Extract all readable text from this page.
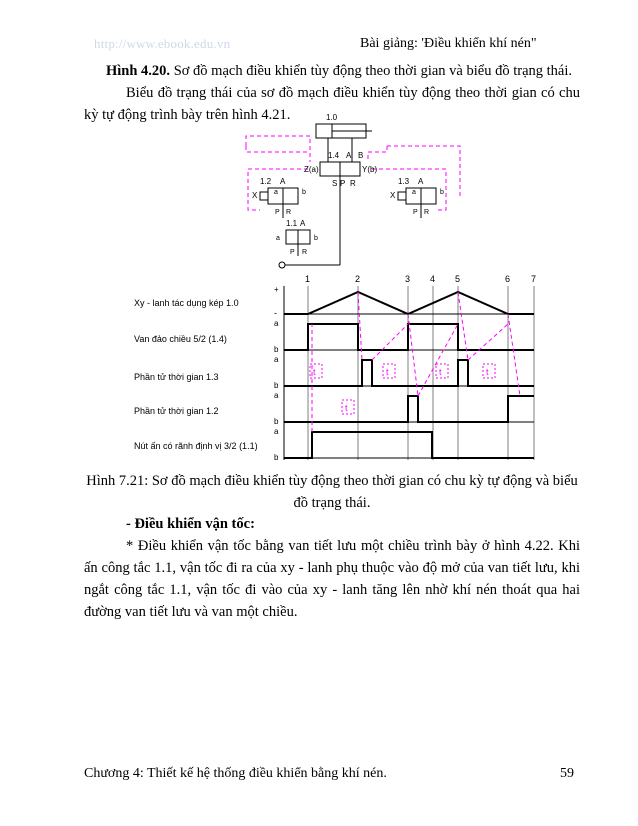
http://www.ebook.edu.vn	Bài giảng: 'Điều khiển khí nén"
Hình 4.20. Sơ đồ mạch điều khiển tùy động theo thời gian và biểu đồ trạng thái.
Biểu đồ trạng thái của sơ đồ mạch điều khiển tùy động theo thời gian có chu kỳ tự động trình bày trên hình 4.21.	1.0
1.4 A B
S P R
Z(a)	Y(b)
1.2 A
X a	b
P R
1.3 A
X a	b
P R
1.1 A
a	b
P R
1	2	3 4 5	6 7
Xy - lanh tác dụng kép 1.0
Van đảo chiều 5/2 (1.4)
Phần tử thời gian 1.3
Phần tử thời gian 1.2
Nút ấn có rãnh định vị 3/2 (1.1)
+
-
a
b
a
b
a
b
a
b
t
t
t	t	t
Hình 7.21: Sơ đồ mạch điều khiển tùy động theo thời gian có chu kỳ tự động và biểu đồ trạng thái.
- Điều khiển vận tốc:
* Điều khiển vận tốc bằng van tiết lưu một chiều trình bày ở hình 4.22. Khi ấn công tắc 1.1, vận tốc đi ra của xy - lanh phụ thuộc vào độ mở của van tiết lưu, khi ngắt công tắc 1.1, vận tốc đi vào của xy - lanh tăng lên nhờ khí nén thoát qua hai đường van tiết lưu và van một chiều.
Chương 4: Thiết kế hệ thống điều khiển bằng khí nén.	59
